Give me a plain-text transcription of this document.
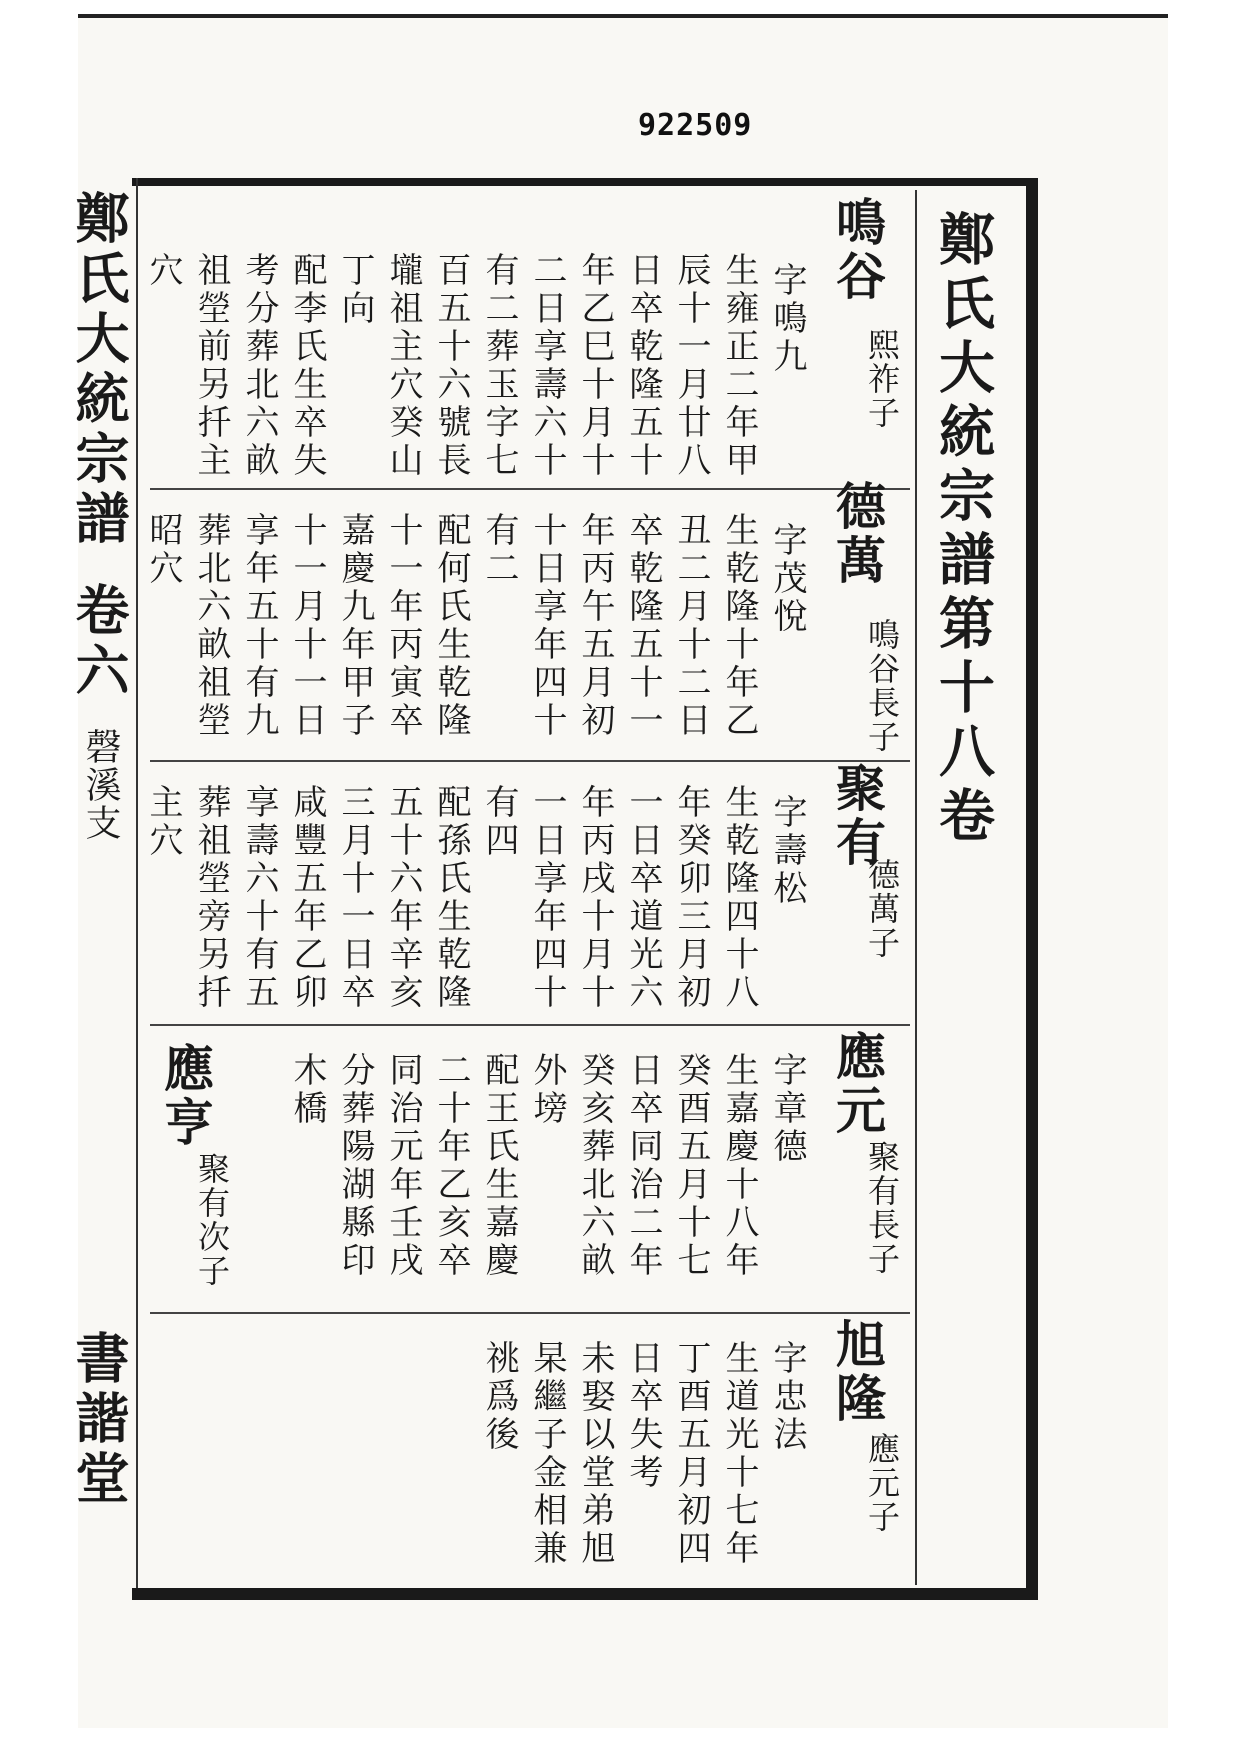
922509
鄭氏大統宗譜第十八卷
鄭氏大統宗譜
卷六
磬溪支
書諧堂
鳴谷
熙祚子
字鳴九
生雍正二年甲
辰十一月廿八
日卒乾隆五十
年乙巳十月十
二日享壽六十
有二葬玉字七
百五十六號長
壠祖主穴癸山
丁向
配李氏生卒失
穴
德萬
鳴谷長子
字茂悅
生乾隆十年乙
丑二月十二日
卒乾隆五十一
年丙午五月初
十日享年四十
有二
配何氏生乾隆
十一年丙寅卒
嘉慶九年甲子
十一月十一日
昭穴
聚有
德萬子
字壽松
生乾隆四十八
年癸卯三月初
一日卒道光六
年丙戌十月十
一日享年四十
有四
配孫氏生乾隆
五十六年辛亥
三月十一日卒
咸豐五年乙卯
主穴
應元
聚有長子
字章德
生嘉慶十八年
癸酉五月十七
日卒同治二年
癸亥葬北六畝
外塝
配王氏生嘉慶
二十年乙亥卒
同治元年壬戌
分葬陽湖縣印
木橋
應亨
聚有次子
旭隆
應元子
字忠法
生道光十七年
丁酉五月初四
日卒失考
未娶以堂弟旭
杲繼子金相兼
祧爲後
考分葬北六畝
祖塋前另扦主
享年五十有九
葬北六畝祖塋
享壽六十有五
葬祖塋旁另扦
